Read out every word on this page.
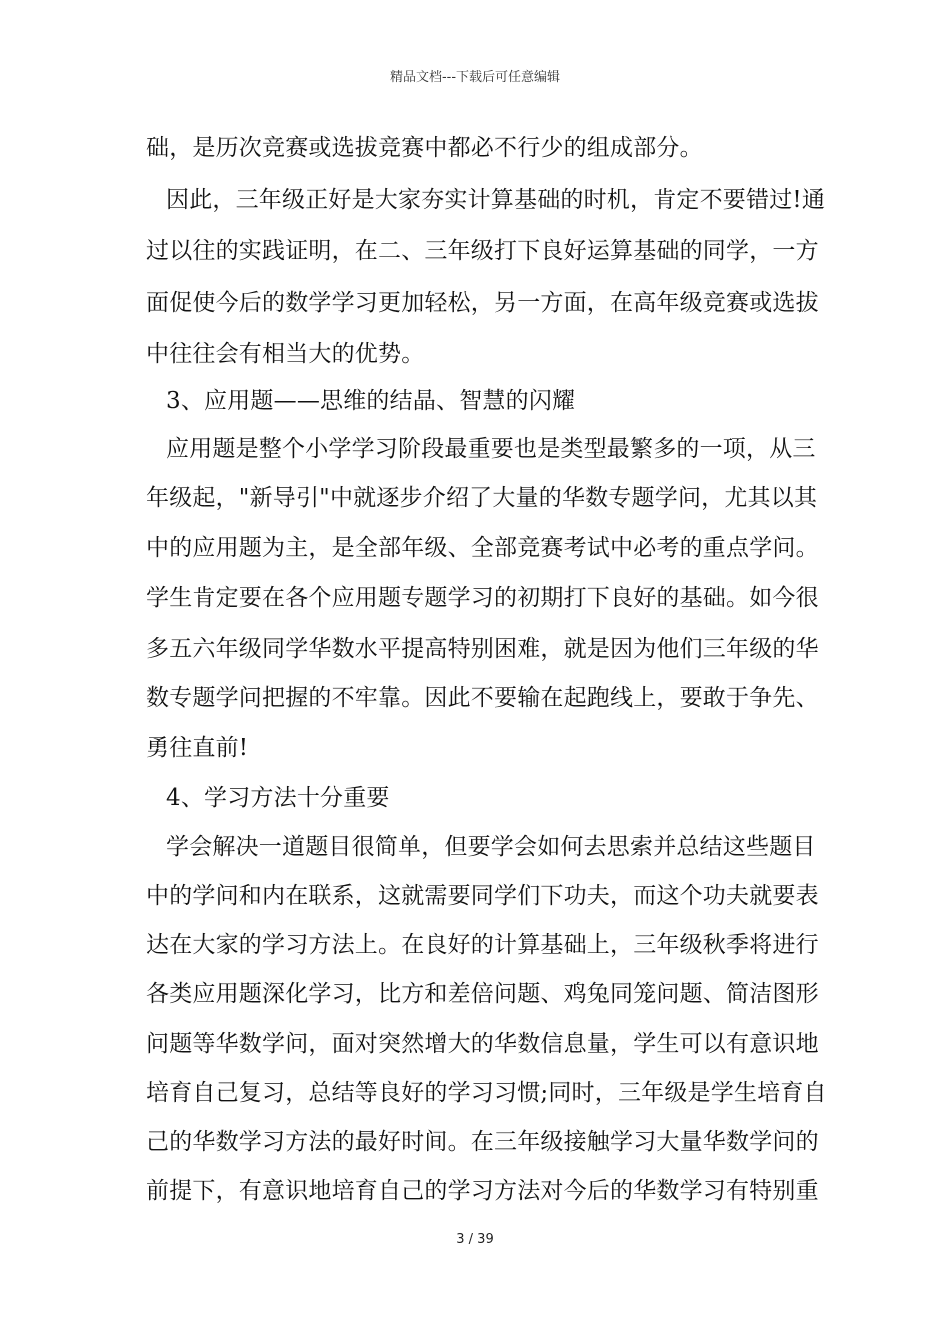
精品文档---下载后可任意编辑
础，是历次竞赛或选拔竞赛中都必不行少的组成部分。
因此，三年级正好是大家夯实计算基础的时机，肯定不要错过!通
过以往的实践证明，在二、三年级打下良好运算基础的同学，一方
面促使今后的数学学习更加轻松，另一方面，在高年级竞赛或选拔
中往往会有相当大的优势。
3、应用题——思维的结晶、智慧的闪耀
应用题是整个小学学习阶段最重要也是类型最繁多的一项，从三
年级起，"新导引"中就逐步介绍了大量的华数专题学问，尤其以其
中的应用题为主，是全部年级、全部竞赛考试中必考的重点学问。
学生肯定要在各个应用题专题学习的初期打下良好的基础。如今很
多五六年级同学华数水平提高特别困难，就是因为他们三年级的华
数专题学问把握的不牢靠。因此不要输在起跑线上，要敢于争先、
勇往直前!
4、学习方法十分重要
学会解决一道题目很简单，但要学会如何去思索并总结这些题目
中的学问和内在联系，这就需要同学们下功夫，而这个功夫就要表
达在大家的学习方法上。在良好的计算基础上，三年级秋季将进行
各类应用题深化学习，比方和差倍问题、鸡兔同笼问题、简洁图形
问题等华数学问，面对突然增大的华数信息量，学生可以有意识地
培育自己复习，总结等良好的学习习惯;同时，三年级是学生培育自
己的华数学习方法的最好时间。在三年级接触学习大量华数学问的
前提下，有意识地培育自己的学习方法对今后的华数学习有特别重
3 / 39
